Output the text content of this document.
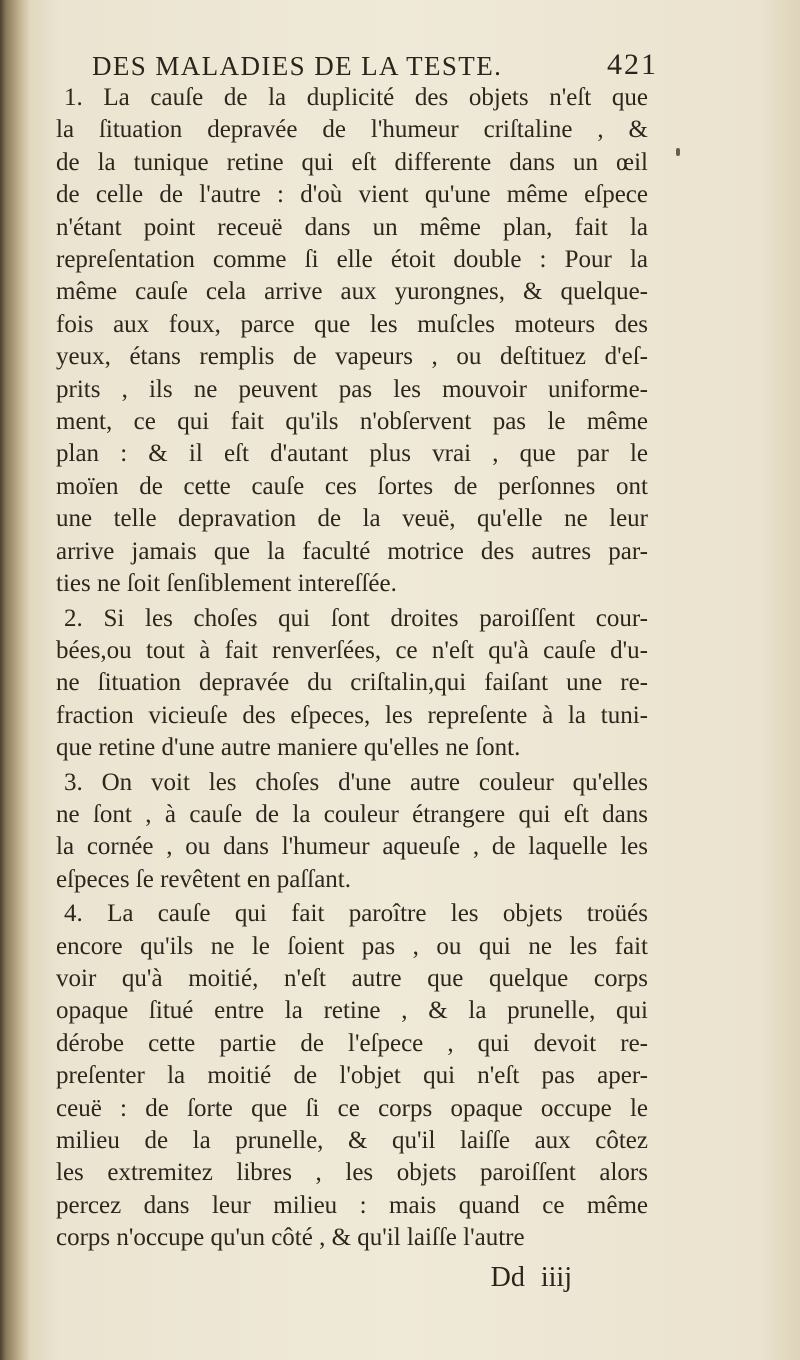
DES MALADIES DE LA TESTE.	421
1. La cauſe de la duplicité des objets n'eſt que
la ſituation depravée de l'humeur criſtaline , &
de la tunique retine qui eſt differente dans un œil
de celle de l'autre : d'où vient qu'une même eſpece
n'étant point receuë dans un même plan, fait la
repreſentation comme ſi elle étoit double : Pour la
même cauſe cela arrive aux yurongnes, & quelque-
fois aux foux, parce que les muſcles moteurs des
yeux, étans remplis de vapeurs , ou deſtituez d'eſ-
prits , ils ne peuvent pas les mouvoir uniforme-
ment, ce qui fait qu'ils n'obſervent pas le même
plan : & il eſt d'autant plus vrai , que par le
moïen de cette cauſe ces ſortes de perſonnes ont
une telle depravation de la veuë, qu'elle ne leur
arrive jamais que la faculté motrice des autres par-
ties ne ſoit ſenſiblement intereſſée.
2. Si les choſes qui ſont droites paroiſſent cour-
bées,ou tout à fait renverſées, ce n'eſt qu'à cauſe d'u-
ne ſituation depravée du criſtalin,qui faiſant une re-
fraction vicieuſe des eſpeces, les repreſente à la tuni-
que retine d'une autre maniere qu'elles ne ſont.
3. On voit les choſes d'une autre couleur qu'elles
ne ſont , à cauſe de la couleur étrangere qui eſt dans
la cornée , ou dans l'humeur aqueuſe , de laquelle les
eſpeces ſe revêtent en paſſant.
4. La cauſe qui fait paroître les objets troüés
encore qu'ils ne le ſoient pas , ou qui ne les fait
voir qu'à moitié, n'eſt autre que quelque corps
opaque ſitué entre la retine , & la prunelle, qui
dérobe cette partie de l'eſpece , qui devoit re-
preſenter la moitié de l'objet qui n'eſt pas aper-
ceuë : de ſorte que ſi ce corps opaque occupe le
milieu de la prunelle, & qu'il laiſſe aux côtez
les extremitez libres , les objets paroiſſent alors
percez dans leur milieu : mais quand ce même
corps n'occupe qu'un côté , & qu'il laiſſe l'autre
Dd iiij
